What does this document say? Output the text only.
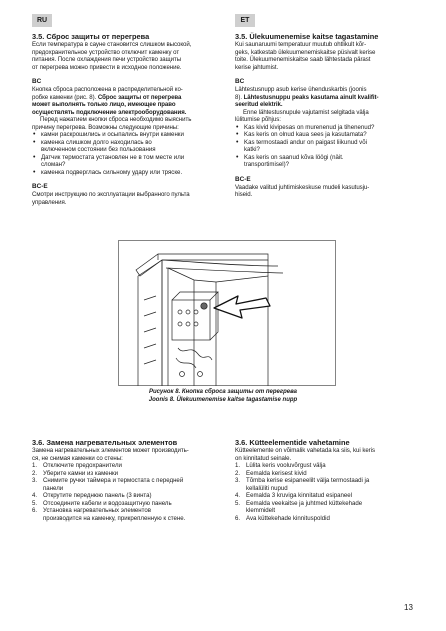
RU	ET
3.5. Сброс защиты от перегрева
Если температура в сауне становится слишком высокой,
предохранительное устройство отключит каменку от
питания. После охлаждения печи устройство защиты
от перегрева можно привести в исходное положение.
BC
Кнопка сброса расположена в распределительной ко-
робке каменки (рис. 8). Сброс защиты от перегрева
может выполнять только лицо, имеющее право
осуществлять подключение электрооборудования.
Перед нажатием кнопки сброса необходимо выяснить
причину перегрева. Возможны следующие причины:
• камни раскрошились и осыпались внутри каменки
• каменка слишком долго находилась во
включенном состоянии без пользования
• Датчик термостата установлен не в том месте или
сломан?
• каменка подверглась сильному удару или тряске.
BC-E
Смотри инструкцию по эксплуатации выбранного пульта
управления.
3.5. Ülekuumenemise kaitse tagastamine
Kui saunaruumi temperatuur muutub ohtlikult kõr-
geks, katkestab ülekuumenemiskaitse püsivalt kerise
toite. Ülekuumenemiskaitse saab lähtestada pärast
kerise jahtumist.
BC
Lähtestusnupp asub kerise ühenduskarbis (joonis
8). Lähtestusnuppu peaks kasutama ainult kvalifit-
seeritud elektrik.
Enne lähtestusnupule vajutamist selgitada välja
lülitumise põhjus:
• Kas kivid kivipesas on murenenud ja tihenenud?
• Kas keris on olnud kaua sees ja kasutamata?
• Kas termostaadi andur on paigast liikunud või
katki?
• Kas keris on saanud kõva löögi (näit.
transportimisel)?
BC-E
Vaadake valitud juhtimiskeskuse mudeli kasutusju-
hiseid.
Рисунок 8. Кнопка сброса защиты от перегрева
Joonis 8. Ülekuumenemise kaitse tagastamise nupp
3.6. Замена нагревательных элементов
Замена нагревательных элементов может производить-
ся, не снимая каменки со стены:
1. Отключите предохранители
2. Уберите камни из каменки
3. Снимите ручки таймера и термостата с передней
панели
4. Открутите переднюю панель (3 винта)
5. Отсоедините кабели и водозащитную панель
6. Установка нагревательных элементов
производится на каменку, прикрепленную к стене.
3.6. Kütteelementide vahetamine
Kütteelemente on võimalik vahetada ka siis, kui keris
on kinnitatud seinale.
1. Lülita keris vooluvõrgust välja
2. Eemalda kerisest kivid
3. Tõmba kerise esipaneelilt välja termostaadi ja
kellalüliti nupud
4. Eemalda 3 kruviga kinnitatud esipaneel
5. Eemalda veekaitse ja juhtmed küttekehade
klemmidelt
6. Ava küttekehade kinnituspoldid
13
